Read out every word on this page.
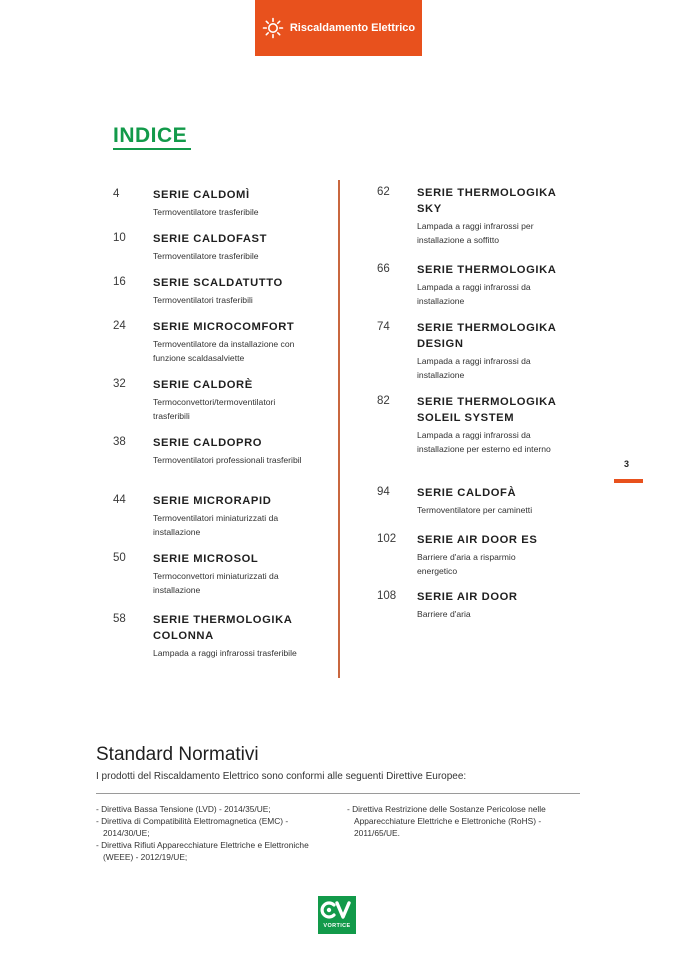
Riscaldamento Elettrico
INDICE
4	SERIE CALDOMÌ
Termoventilatore trasferibile
10 SERIE CALDOFAST
Termoventilatore trasferibile
16 SERIE SCALDATUTTO
Termoventilatori trasferibili
24 SERIE MICROCOMFORT
Termoventilatore da installazione con funzione scaldasalviette
32 SERIE CALDORÈ
Termoconvettori/termoventilatori trasferibili
38 SERIE CALDOPRO
Termoventilatori professionali trasferibil
44 SERIE MICRORAPID
Termoventilatori miniaturizzati da installazione
50 SERIE MICROSOL
Termoconvettori miniaturizzati da installazione
58 SERIE THERMOLOGIKA COLONNA
Lampada a raggi infrarossi trasferibile
62 SERIE THERMOLOGIKA SKY
Lampada a raggi infrarossi per installazione a soffitto
66 SERIE THERMOLOGIKA
Lampada a raggi infrarossi da installazione
74 SERIE THERMOLOGIKA DESIGN
Lampada a raggi infrarossi da installazione
82 SERIE THERMOLOGIKA SOLEIL SYSTEM
Lampada a raggi infrarossi da installazione per esterno ed interno
94 SERIE CALDOFÀ
Termoventilatore per caminetti
102 SERIE AIR DOOR ES
Barriere d'aria a risparmio energetico
108 SERIE AIR DOOR
Barriere d'aria
3
Standard Normativi
I prodotti del Riscaldamento Elettrico sono conformi alle seguenti Direttive Europee:
- Direttiva Bassa Tensione (LVD) - 2014/35/UE;
- Direttiva di Compatibilità Elettromagnetica (EMC) - 2014/30/UE;
- Direttiva Rifiuti Apparecchiature Elettriche e Elettroniche (WEEE) - 2012/19/UE;
- Direttiva Restrizione delle Sostanze Pericolose nelle Apparecchiature Elettriche e Elettroniche (RoHS) - 2011/65/UE.
VORTICE
